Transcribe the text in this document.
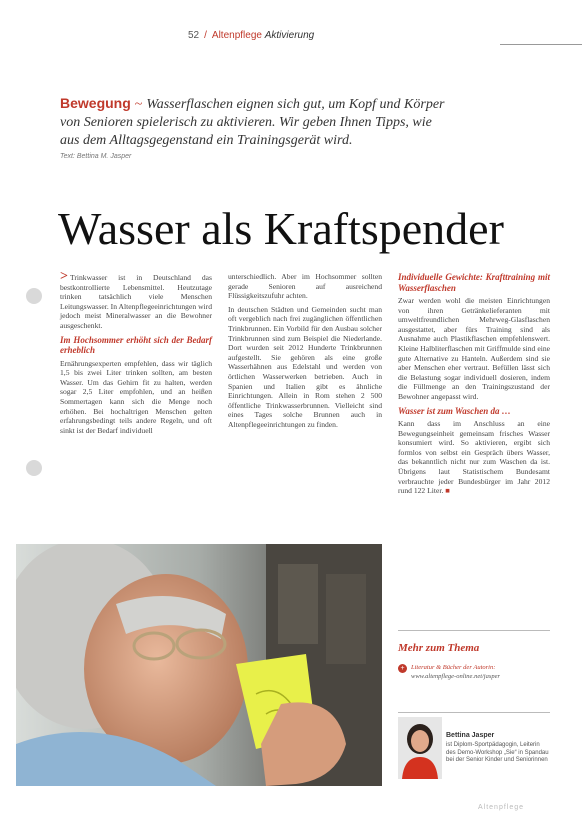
52 / Altenpflege Aktivierung
Bewegung ~ Wasserflaschen eignen sich gut, um Kopf und Körper von Senioren spielerisch zu aktivieren. Wir geben Ihnen Tipps, wie aus dem Alltagsgegenstand ein Trainingsgerät wird.
Text: Bettina M. Jasper
Wasser als Kraftspender

> Trinkwasser ist in Deutschland das bestkontrollierte Lebensmittel. Heutzutage trinken tatsächlich viele Menschen Leitungswasser. In Altenpflegeeinrichtungen wird jedoch meist Mineralwasser an die Bewohner ausgeschenkt.

Im Hochsommer erhöht sich der Bedarf erheblich

Ernährungsexperten empfehlen, dass wir täglich 1,5 bis zwei Liter trinken sollten, am besten Wasser. Um das Gehirn fit zu halten, werden sogar 2,5 Liter empfohlen, und an heißen Sommertagen kann sich die Menge noch erhöhen. Bei hochaltrigen Menschen gelten erfahrungsbedingt teils andere Regeln, und oft sinkt ist der Bedarf individuell

unterschiedlich. Aber im Hochsommer sollten gerade Senioren auf ausreichend Flüssigkeitszufuhr achten.

In deutschen Städten und Gemeinden sucht man oft vergeblich nach frei zugänglichen öffentlichen Trinkbrunnen. Ein Vorbild für den Ausbau solcher Trinkbrunnen sind zum Beispiel die Niederlande. Dort wurden seit 2012 Hunderte Trinkbrunnen aufgestellt. Sie gehören als eine große Wasserhähnen aus Edelstahl und werden von örtlichen Wasserwerken betrieben. Auch in Spanien und Italien gibt es ähnliche Einrichtungen. Allein in Rom stehen 2 500 öffentliche Trinkwasserbrunnen. Vielleicht sind eines Tages solche Brunnen auch in Altenpflegeeinrichtungen zu finden.

Individuelle Gewichte: Krafttraining mit Wasserflaschen

Zwar werden wohl die meisten Einrichtungen von ihren Getränkelieferanten mit umweltfreundlichen Mehrweg-Glasflaschen ausgestattet, aber fürs Training sind als Ausnahme auch Plastikflaschen empfehlenswert. Kleine Halbliterflaschen mit Griffmulde sind eine gute Alternative zu Hanteln. Außerdem sind sie aber Menschen eher vertraut. Befüllen lässt sich die Belastung sogar individuell dosieren, indem die Füllmenge an den Trainingszustand der Bewohner angepasst wird.

Wasser ist zum Waschen da …

Kann dass im Anschluss an eine Bewegungseinheit gemeinsam frisches Wasser konsumiert wird. So aktivieren, ergibt sich formlos von selbst ein Gespräch übers Wasser, das bekanntlich nicht nur zum Waschen da ist. Übrigens laut Statistischem Bundesamt verbrauchte jeder Bundesbürger im Jahr 2012 rund 122 Liter. ■

Mehr zum Thema
+ Literatur & Bücher der Autorin:
www.altenpflege-online.net/jasper
Bettina Jasper
ist Diplom-Sportpädagogin, Leiterin des Demo-Workshop „Sie“ in Spandau bei der Senior Kinder und Seniorinnen
Altenpflege
